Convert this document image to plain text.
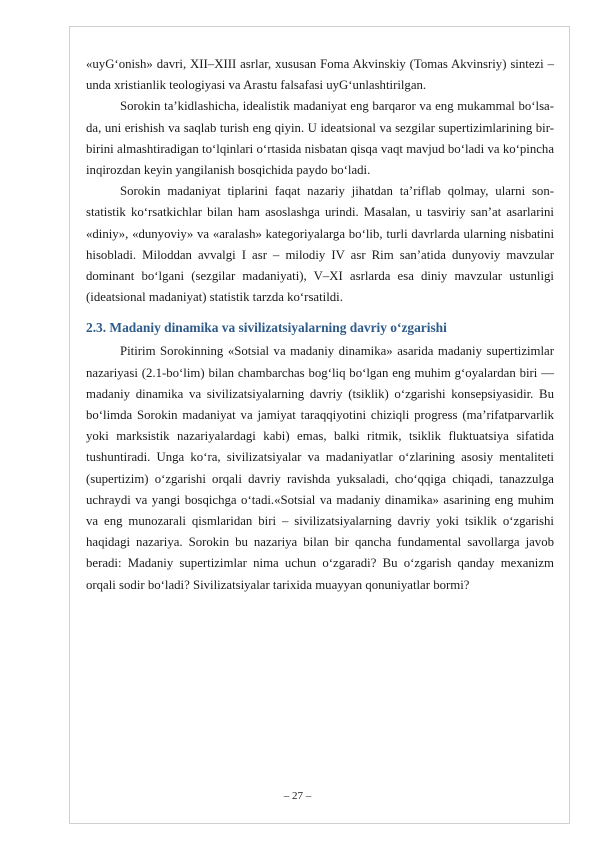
«uyG‘onish» davri, XII–XIII asrlar, xususan Foma Akvinskiy (Tomas Akvinsriy) sintezi – unda xristianlik teologiyasi va Arastu falsafasi uyG‘unlashtirilgan.

Sorokin ta’kidlashicha, idealistik madaniyat eng barqaror va eng mukammal bo‘lsa-da, uni erishish va saqlab turish eng qiyin. U ideatsional va sezgilar supertizimlarining bir-birini almashtiradigan to‘lqinlari o‘rtasida nisbatan qisqa vaqt mavjud bo‘ladi va ko‘pincha inqirozdan keyin yangilanish bosqichida paydo bo‘ladi.

Sorokin madaniyat tiplarini faqat nazariy jihatdan ta’riflab qolmay, ularni son-statistik ko‘rsatkichlar bilan ham asoslashga urindi. Masalan, u tasviriy san’at asarlarini «diniy», «dunyoviy» va «aralash» kategoriyalarga bo‘lib, turli davrlarda ularning nisbatini hisobladi. Miloddan avvalgi I asr – milodiy IV asr Rim san’atida dunyoviy mavzular dominant bo‘lgani (sezgilar madaniyati), V–XI asrlarda esa diniy mavzular ustunligi (ideatsional madaniyat) statistik tarzda ko‘rsatildi.

2.3. Madaniy dinamika va sivilizatsiyalarning davriy o‘zgarishi

Pitirim Sorokinning «Sotsial va madaniy dinamika» asarida madaniy supertizimlar nazariyasi (2.1-bo‘lim) bilan chambarchas bog‘liq bo‘lgan eng muhim g‘oyalardan biri — madaniy dinamika va sivilizatsiyalarning davriy (tsiklik) o‘zgarishi konsepsiyasidir. Bu bo‘limda Sorokin madaniyat va jamiyat taraqqiyotini chiziqli progress (ma’rifatparvarlik yoki marksistik nazariyalardagi kabi) emas, balki ritmik, tsiklik fluktuatsiya sifatida tushuntiradi. Unga ko‘ra, sivilizatsiyalar va madaniyatlar o‘zlarining asosiy mentaliteti (supertizim) o‘zgarishi orqali davriy ravishda yuksaladi, cho‘qqiga chiqadi, tanazzulga uchraydi va yangi bosqichga o‘tadi.«Sotsial va madaniy dinamika» asarining eng muhim va eng munozarali qismlaridan biri – sivilizatsiyalarning davriy yoki tsiklik o‘zgarishi haqidagi nazariya. Sorokin bu nazariya bilan bir qancha fundamental savollarga javob beradi: Madaniy supertizimlar nima uchun o‘zgaradi? Bu o‘zgarish qanday mexanizm orqali sodir bo‘ladi? Sivilizatsiyalar tarixida muayyan qonuniyatlar bormi?

– 27 –
